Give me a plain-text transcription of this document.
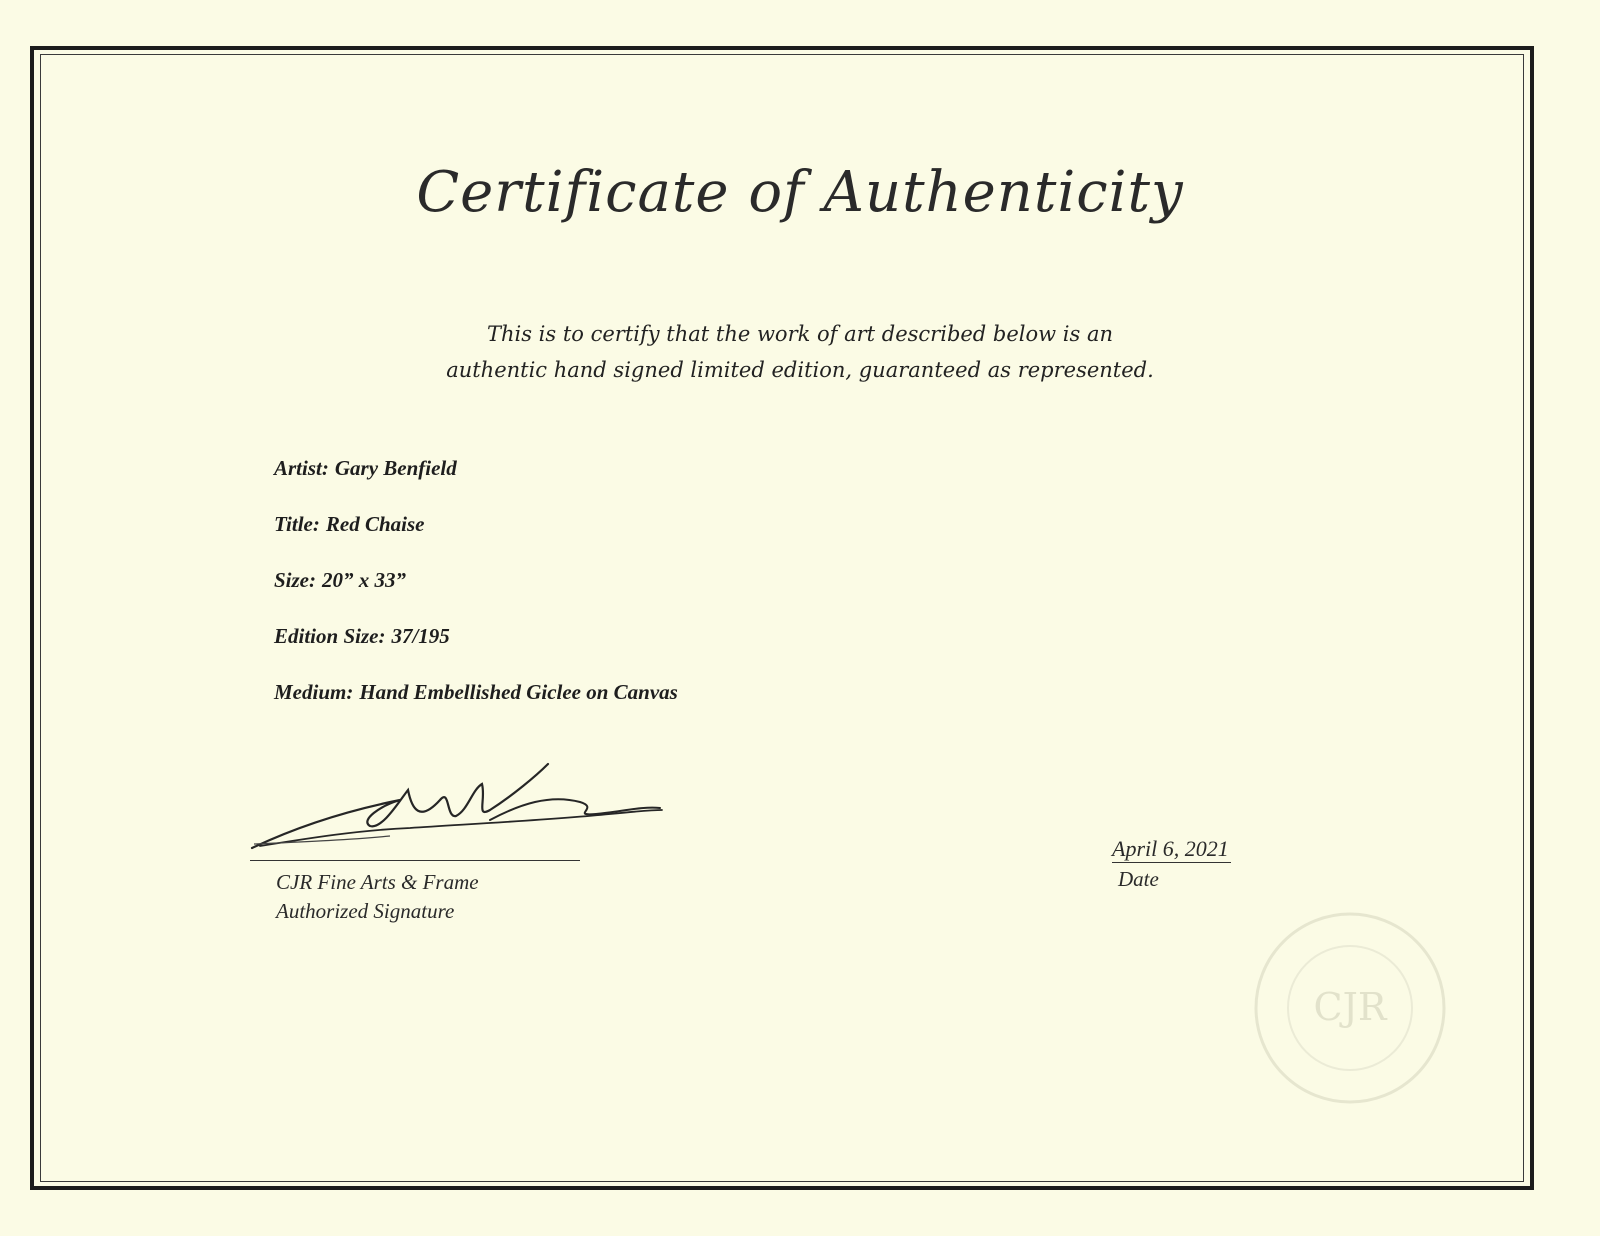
Certificate of Authenticity
This is to certify that the work of art described below is an
authentic hand signed limited edition, guaranteed as represented.
Artist: Gary Benfield
Title: Red Chaise
Size: 20” x 33”
Edition Size: 37/195
Medium: Hand Embellished Giclee on Canvas
CJR Fine Arts & Frame
Authorized Signature
April 6, 2021
Date
CJR
